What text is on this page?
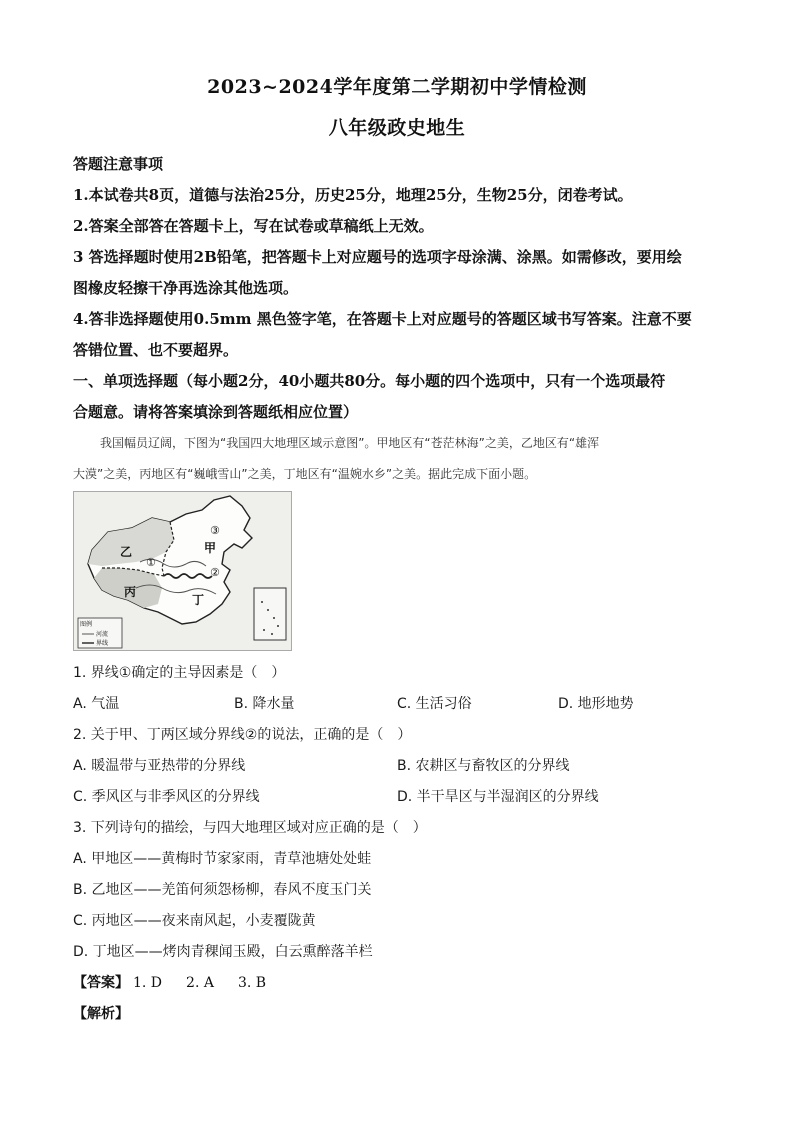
2023~2024学年度第二学期初中学情检测
八年级政史地生
答题注意事项
1.本试卷共8页，道德与法治25分，历史25分，地理25分，生物25分，闭卷考试。
2.答案全部答在答题卡上，写在试卷或草稿纸上无效。
3 答选择题时使用2B铅笔，把答题卡上对应题号的选项字母涂满、涂黑。如需修改，要用绘
图橡皮轻擦干净再选涂其他选项。
4.答非选择题使用0.5mm 黑色签字笔，在答题卡上对应题号的答题区域书写答案。注意不要
答错位置、也不要超界。
一、单项选择题（每小题2分，40小题共80分。每小题的四个选项中，只有一个选项最符
合题意。请将答案填涂到答题纸相应位置）
我国幅员辽阔，下图为“我国四大地理区域示意图”。甲地区有“苍茫林海”之美，乙地区有“雄浑
大漠”之美，丙地区有“巍峨雪山”之美，丁地区有“温婉水乡”之美。据此完成下面小题。
图例
河流
界线
乙	甲
丙
丁
①
②
③
1. 界线①确定的主导因素是（　）
A. 气温	B. 降水量	C. 生活习俗	D. 地形地势
2. 关于甲、丁两区域分界线②的说法，正确的是（　）
A. 暖温带与亚热带的分界线	B. 农耕区与畜牧区的分界线
C. 季风区与非季风区的分界线	D. 半干旱区与半湿润区的分界线
3. 下列诗句的描绘，与四大地理区域对应正确的是（　）
A. 甲地区——黄梅时节家家雨，青草池塘处处蛙
B. 乙地区——羌笛何须怨杨柳，春风不度玉门关
C. 丙地区——夜来南风起，小麦覆陇黄
D. 丁地区——烤肉青稞闻玉殿，白云熏醉落羊栏
【答案】 1. D 2. A 3. B
【解析】
